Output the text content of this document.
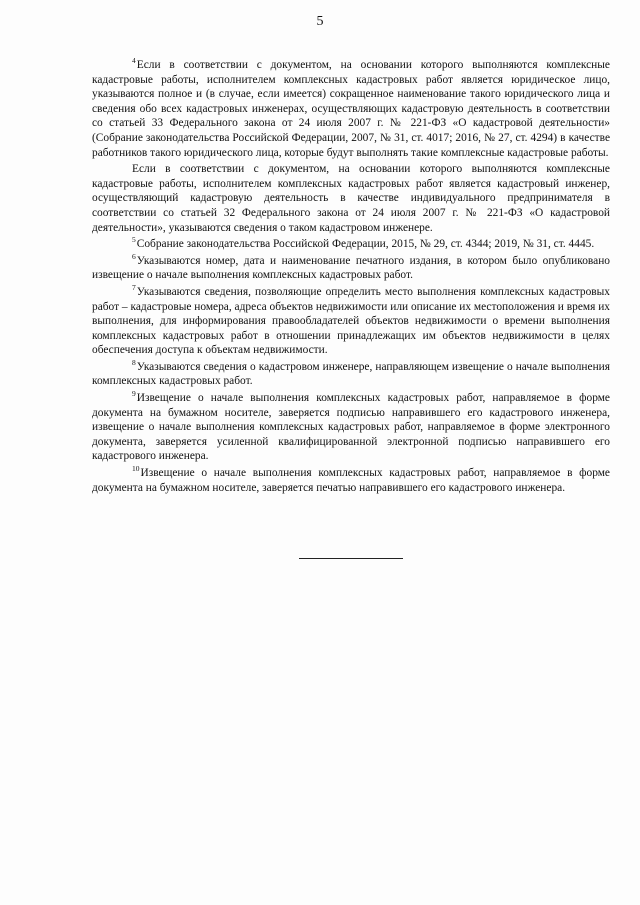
5

$^4$Если в соответствии с документом, на основании которого выполняются комплексные кадастровые работы, исполнителем комплексных кадастровых работ является юридическое лицо, указываются полное и (в случае, если имеется) сокращенное наименование такого юридического лица и сведения обо всех кадастровых инженерах, осуществляющих кадастровую деятельность в соответствии со статьей 33 Федерального закона от 24 июля 2007 г. № 221-ФЗ «О кадастровой деятельности» (Собрание законодательства Российской Федерации, 2007, № 31, ст. 4017; 2016, № 27, ст. 4294) в качестве работников такого юридического лица, которые будут выполнять такие комплексные кадастровые работы.

Если в соответствии с документом, на основании которого выполняются комплексные кадастровые работы, исполнителем комплексных кадастровых работ является кадастровый инженер, осуществляющий кадастровую деятельность в качестве индивидуального предпринимателя в соответствии со статьей 32 Федерального закона от 24 июля 2007 г. № 221-ФЗ «О кадастровой деятельности», указываются сведения о таком кадастровом инженере.

$^5$Собрание законодательства Российской Федерации, 2015, № 29, ст. 4344; 2019, № 31, ст. 4445.

$^6$Указываются номер, дата и наименование печатного издания, в котором было опубликовано извещение о начале выполнения комплексных кадастровых работ.

$^7$Указываются сведения, позволяющие определить место выполнения комплексных кадастровых работ – кадастровые номера, адреса объектов недвижимости или описание их местоположения и время их выполнения, для информирования правообладателей объектов недвижимости о времени выполнения комплексных кадастровых работ в отношении принадлежащих им объектов недвижимости в целях обеспечения доступа к объектам недвижимости.

$^8$Указываются сведения о кадастровом инженере, направляющем извещение о начале выполнения комплексных кадастровых работ.

$^9$Извещение о начале выполнения комплексных кадастровых работ, направляемое в форме документа на бумажном носителе, заверяется подписью направившего его кадастрового инженера, извещение о начале выполнения комплексных кадастровых работ, направляемое в форме электронного документа, заверяется усиленной квалифицированной электронной подписью направившего его кадастрового инженера.

$^{10}$Извещение о начале выполнения комплексных кадастровых работ, направляемое в форме документа на бумажном носителе, заверяется печатью направившего его кадастрового инженера.
